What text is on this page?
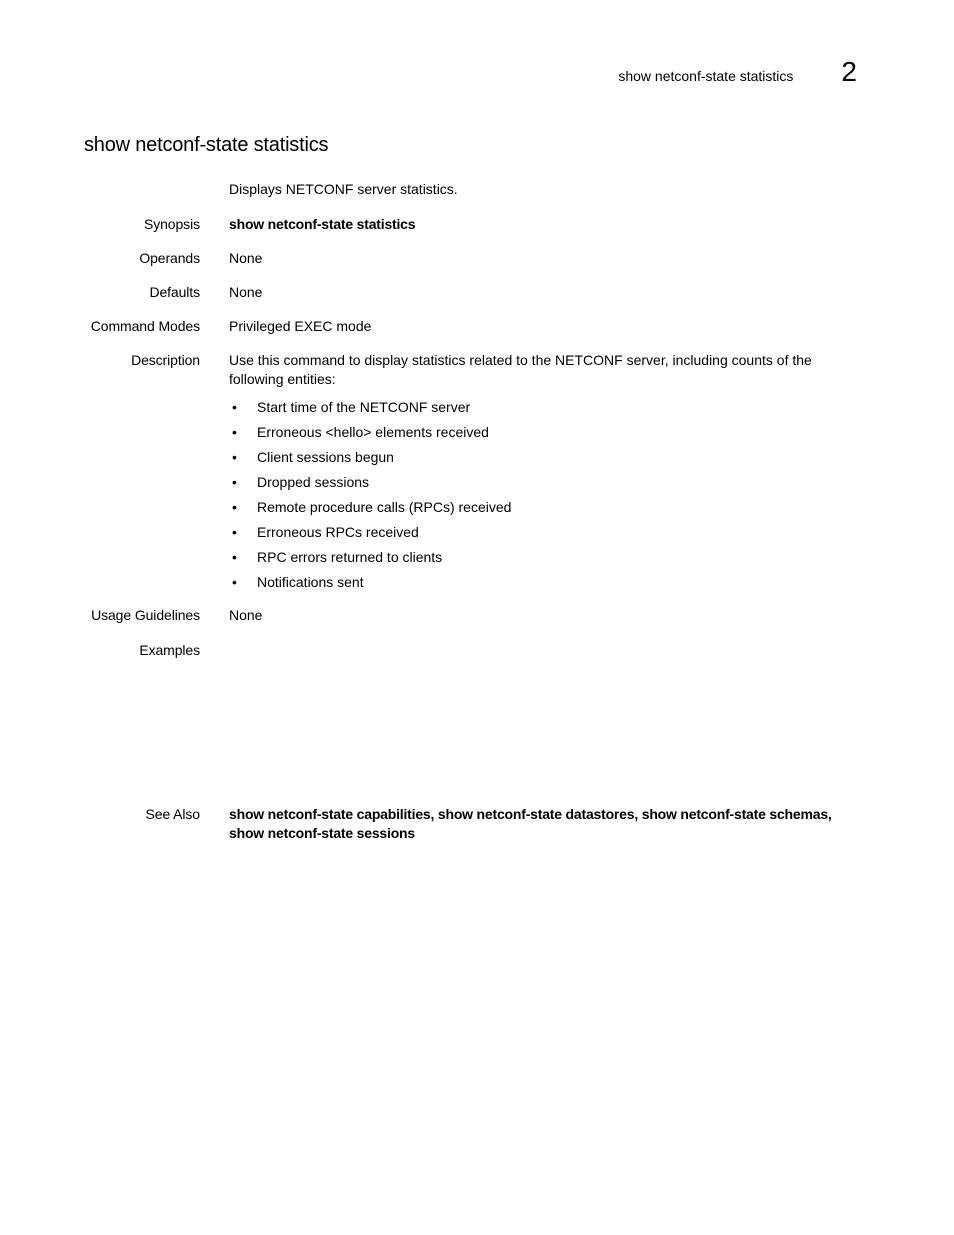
show netconf-state statistics 2
show netconf-state statistics
Displays NETCONF server statistics.
Synopsis show netconf-state statistics
Operands None
Defaults None
Command Modes Privileged EXEC mode
Description Use this command to display statistics related to the NETCONF server, including counts of the following entities:
• Start time of the NETCONF server
• Erroneous <hello> elements received
• Client sessions begun
• Dropped sessions
• Remote procedure calls (RPCs) received
• Erroneous RPCs received
• RPC errors returned to clients
• Notifications sent
Usage Guidelines None
Examples
See Also show netconf-state capabilities, show netconf-state datastores, show netconf-state schemas, show netconf-state sessions
